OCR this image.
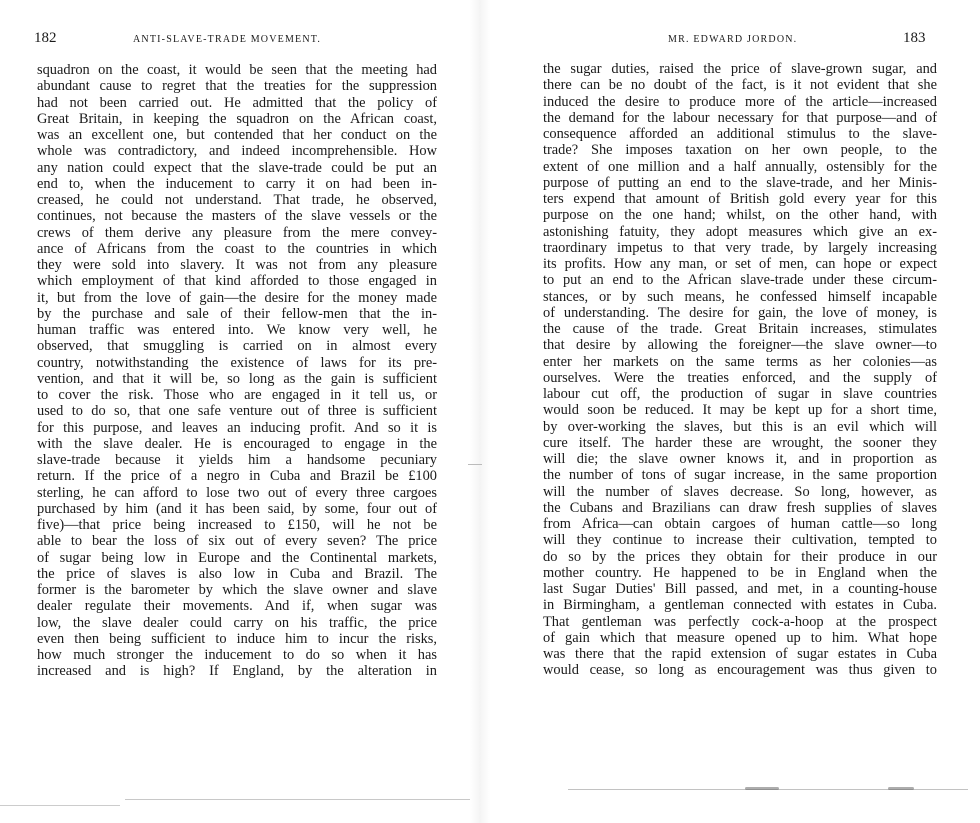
182	ANTI-SLAVE-TRADE MOVEMENT.
squadron on the coast, it would be seen that the meeting had
abundant cause to regret that the treaties for the suppression
had not been carried out. He admitted that the policy of
Great Britain, in keeping the squadron on the African coast,
was an excellent one, but contended that her conduct on the
whole was contradictory, and indeed incomprehensible. How
any nation could expect that the slave-trade could be put an
end to, when the inducement to carry it on had been in-
creased, he could not understand. That trade, he observed,
continues, not because the masters of the slave vessels or the
crews of them derive any pleasure from the mere convey-
ance of Africans from the coast to the countries in which
they were sold into slavery. It was not from any pleasure
which employment of that kind afforded to those engaged in
it, but from the love of gain—the desire for the money made
by the purchase and sale of their fellow-men that the in-
human traffic was entered into. We know very well, he
observed, that smuggling is carried on in almost every
country, notwithstanding the existence of laws for its pre-
vention, and that it will be, so long as the gain is sufficient
to cover the risk. Those who are engaged in it tell us, or
used to do so, that one safe venture out of three is sufficient
for this purpose, and leaves an inducing profit. And so it is
with the slave dealer. He is encouraged to engage in the
slave-trade because it yields him a handsome pecuniary
return. If the price of a negro in Cuba and Brazil be £100
sterling, he can afford to lose two out of every three cargoes
purchased by him (and it has been said, by some, four out of
five)—that price being increased to £150, will he not be
able to bear the loss of six out of every seven? The price
of sugar being low in Europe and the Continental markets,
the price of slaves is also low in Cuba and Brazil. The
former is the barometer by which the slave owner and slave
dealer regulate their movements. And if, when sugar was
low, the slave dealer could carry on his traffic, the price
even then being sufficient to induce him to incur the risks,
how much stronger the inducement to do so when it has
increased and is high? If England, by the alteration in
MR. EDWARD JORDON.	183
the sugar duties, raised the price of slave-grown sugar, and
there can be no doubt of the fact, is it not evident that she
induced the desire to produce more of the article—increased
the demand for the labour necessary for that purpose—and of
consequence afforded an additional stimulus to the slave-
trade? She imposes taxation on her own people, to the
extent of one million and a half annually, ostensibly for the
purpose of putting an end to the slave-trade, and her Minis-
ters expend that amount of British gold every year for this
purpose on the one hand; whilst, on the other hand, with
astonishing fatuity, they adopt measures which give an ex-
traordinary impetus to that very trade, by largely increasing
its profits. How any man, or set of men, can hope or expect
to put an end to the African slave-trade under these circum-
stances, or by such means, he confessed himself incapable
of understanding. The desire for gain, the love of money, is
the cause of the trade. Great Britain increases, stimulates
that desire by allowing the foreigner—the slave owner—to
enter her markets on the same terms as her colonies—as
ourselves. Were the treaties enforced, and the supply of
labour cut off, the production of sugar in slave countries
would soon be reduced. It may be kept up for a short time,
by over-working the slaves, but this is an evil which will
cure itself. The harder these are wrought, the sooner they
will die; the slave owner knows it, and in proportion as
the number of tons of sugar increase, in the same proportion
will the number of slaves decrease. So long, however, as
the Cubans and Brazilians can draw fresh supplies of slaves
from Africa—can obtain cargoes of human cattle—so long
will they continue to increase their cultivation, tempted to
do so by the prices they obtain for their produce in our
mother country. He happened to be in England when the
last Sugar Duties' Bill passed, and met, in a counting-house
in Birmingham, a gentleman connected with estates in Cuba.
That gentleman was perfectly cock-a-hoop at the prospect
of gain which that measure opened up to him. What hope
was there that the rapid extension of sugar estates in Cuba
would cease, so long as encouragement was thus given to
